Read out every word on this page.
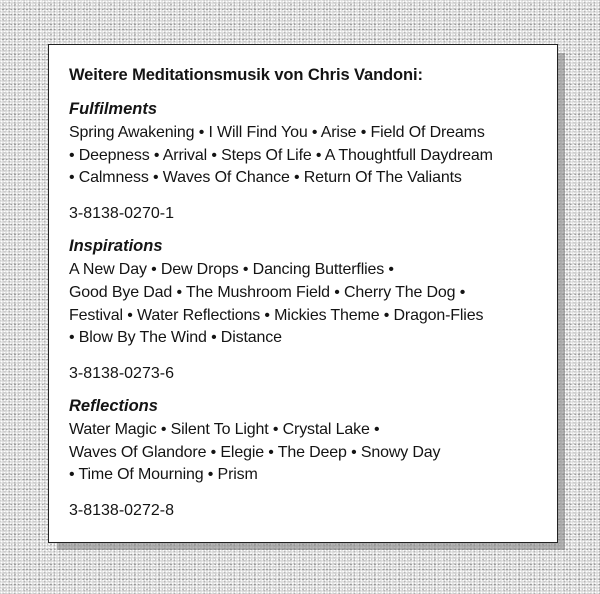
Weitere Meditationsmusik von Chris Vandoni:
Fulfilments
Spring Awakening • I Will Find You • Arise • Field Of Dreams
• Deepness • Arrival • Steps Of Life • A Thoughtfull Daydream
• Calmness • Waves Of Chance • Return Of The Valiants
3-8138-0270-1
Inspirations
A New Day • Dew Drops • Dancing Butterflies •
Good Bye Dad • The Mushroom Field • Cherry The Dog •
Festival • Water Reflections • Mickies Theme • Dragon-Flies
• Blow By The Wind • Distance
3-8138-0273-6
Reflections
Water Magic • Silent To Light • Crystal Lake •
Waves Of Glandore • Elegie • The Deep • Snowy Day
• Time Of Mourning • Prism
3-8138-0272-8
